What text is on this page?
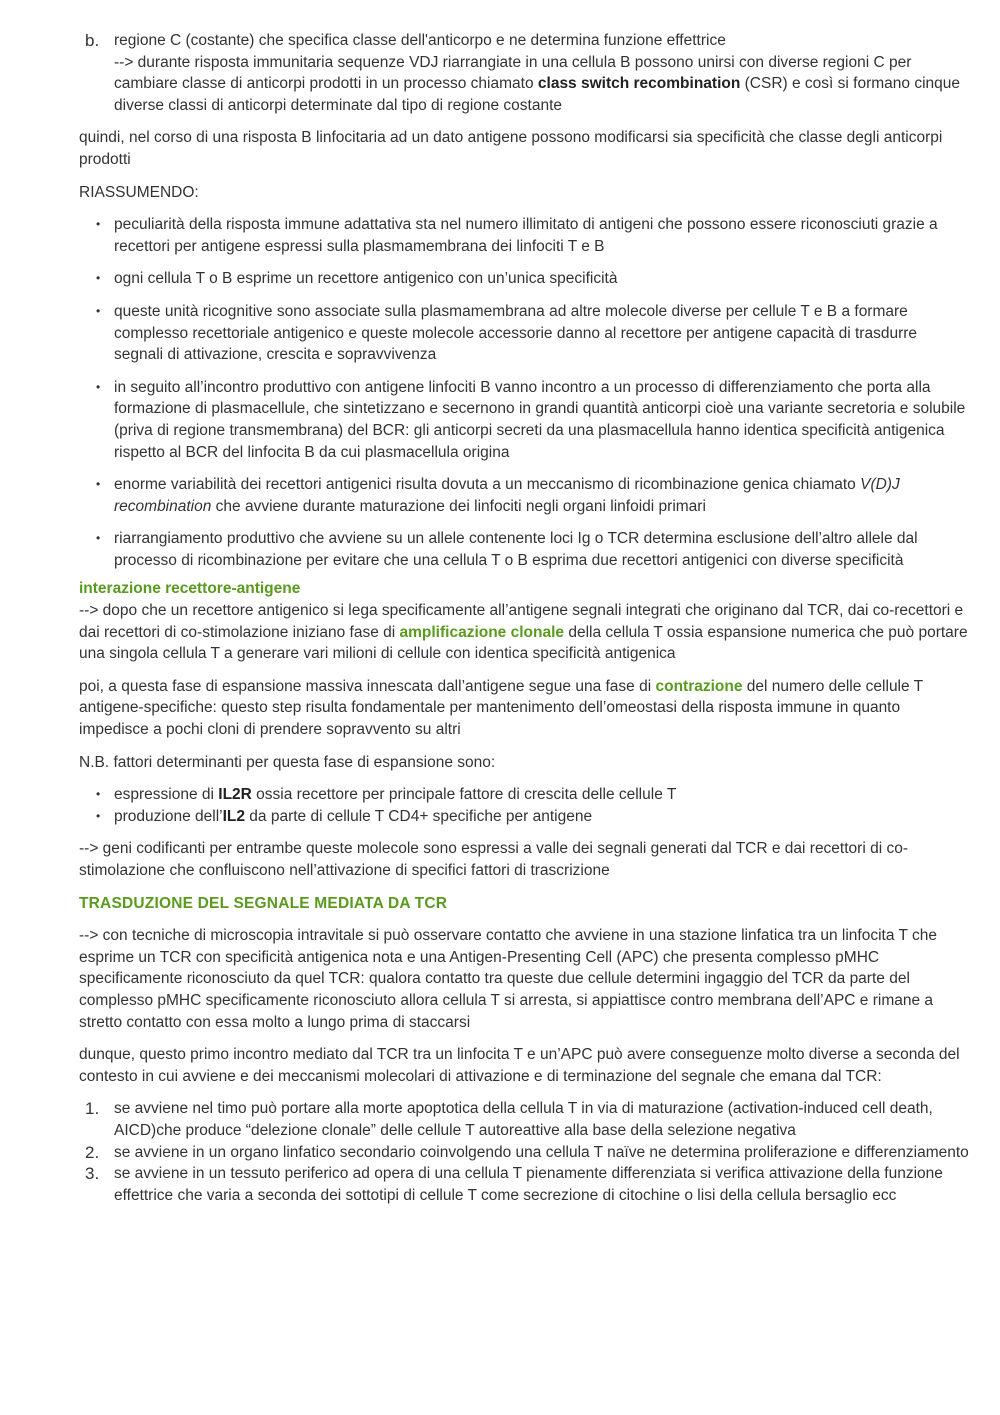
b. regione C (costante) che specifica classe dell'anticorpo e ne determina funzione effettrice

--> durante risposta immunitaria sequenze VDJ riarrangiate in una cellula B possono unirsi con diverse regioni C per cambiare classe di anticorpi prodotti in un processo chiamato class switch recombination (CSR) e così si formano cinque diverse classi di anticorpi determinate dal tipo di regione costante

quindi, nel corso di una risposta B linfocitaria ad un dato antigene possono modificarsi sia specificità che classe degli anticorpi prodotti

RIASSUMENDO:

• peculiarità della risposta immune adattativa sta nel numero illimitato di antigeni che possono essere riconosciuti grazie a recettori per antigene espressi sulla plasmamembrana dei linfociti T e B
• ogni cellula T o B esprime un recettore antigenico con un’unica specificità
• queste unità ricognitive sono associate sulla plasmamembrana ad altre molecole diverse per cellule T e B a formare complesso recettoriale antigenico e queste molecole accessorie danno al recettore per antigene capacità di trasdurre segnali di attivazione, crescita e sopravvivenza
• in seguito all’incontro produttivo con antigene linfociti B vanno incontro a un processo di differenziamento che porta alla formazione di plasmacellule, che sintetizzano e secernono in grandi quantità anticorpi cioè una variante secretoria e solubile (priva di regione transmembrana) del BCR: gli anticorpi secreti da una plasmacellula hanno identica specificità antigenica rispetto al BCR del linfocita B da cui plasmacellula origina
• enorme variabilità dei recettori antigenici risulta dovuta a un meccanismo di ricombinazione genica chiamato V(D)J recombination che avviene durante maturazione dei linfociti negli organi linfoidi primari
• riarrangiamento produttivo che avviene su un allele contenente loci Ig o TCR determina esclusione dell’altro allele dal processo di ricombinazione per evitare che una cellula T o B esprima due recettori antigenici con diverse specificità

interazione recettore-antigene

--> dopo che un recettore antigenico si lega specificamente all’antigene segnali integrati che originano dal TCR, dai co-recettori e dai recettori di co-stimolazione iniziano fase di amplificazione clonale della cellula T ossia espansione numerica che può portare una singola cellula T a generare vari milioni di cellule con identica specificità antigenica

poi, a questa fase di espansione massiva innescata dall’antigene segue una fase di contrazione del numero delle cellule T antigene-specifiche: questo step risulta fondamentale per mantenimento dell’omeostasi della risposta immune in quanto impedisce a pochi cloni di prendere sopravvento su altri

N.B. fattori determinanti per questa fase di espansione sono:

• espressione di IL2R ossia recettore per principale fattore di crescita delle cellule T
• produzione dell’IL2 da parte di cellule T CD4+ specifiche per antigene

--> geni codificanti per entrambe queste molecole sono espressi a valle dei segnali generati dal TCR e dai recettori di co-stimolazione che confluiscono nell’attivazione di specifici fattori di trascrizione

TRASDUZIONE DEL SEGNALE MEDIATA DA TCR

--> con tecniche di microscopia intravitale si può osservare contatto che avviene in una stazione linfatica tra un linfocita T che esprime un TCR con specificità antigenica nota e una Antigen-Presenting Cell (APC) che presenta complesso pMHC specificamente riconosciuto da quel TCR: qualora contatto tra queste due cellule determini ingaggio del TCR da parte del complesso pMHC specificamente riconosciuto allora cellula T si arresta, si appiattisce contro membrana dell’APC e rimane a stretto contatto con essa molto a lungo prima di staccarsi

dunque, questo primo incontro mediato dal TCR tra un linfocita T e un’APC può avere conseguenze molto diverse a seconda del contesto in cui avviene e dei meccanismi molecolari di attivazione e di terminazione del segnale che emana dal TCR:

1. se avviene nel timo può portare alla morte apoptotica della cellula T in via di maturazione (activation-induced cell death, AICD)che produce “delezione clonale” delle cellule T autoreattive alla base della selezione negativa
2. se avviene in un organo linfatico secondario coinvolgendo una cellula T naïve ne determina proliferazione e differenziamento
3. se avviene in un tessuto periferico ad opera di una cellula T pienamente differenziata si verifica attivazione della funzione effettrice che varia a seconda dei sottotipi di cellule T come secrezione di citochine o lisi della cellula bersaglio ecc
